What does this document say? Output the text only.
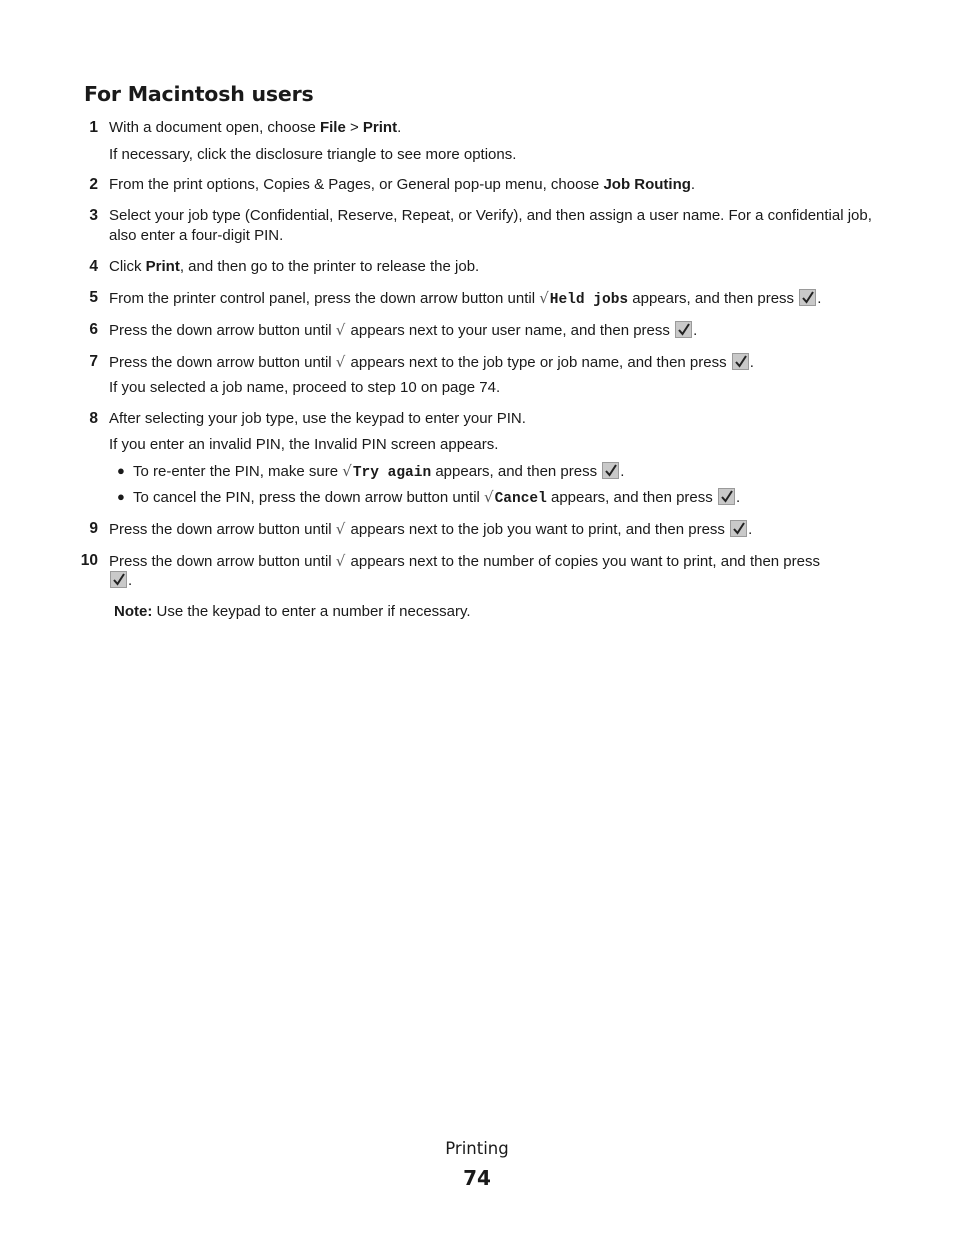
For Macintosh users
1 With a document open, choose File > Print.
If necessary, click the disclosure triangle to see more options.
2 From the print options, Copies & Pages, or General pop-up menu, choose Job Routing.
3 Select your job type (Confidential, Reserve, Repeat, or Verify), and then assign a user name. For a confidential job, also enter a four-digit PIN.
4 Click Print, and then go to the printer to release the job.
5 From the printer control panel, press the down arrow button until √Held jobs appears, and then press
.
6 Press the down arrow button until √ appears next to your user name, and then press
.
7 Press the down arrow button until √ appears next to the job type or job name, and then press
.
If you selected a job name, proceed to step 10 on page 74.
8 After selecting your job type, use the keypad to enter your PIN.
If you enter an invalid PIN, the Invalid PIN screen appears.
● To re-enter the PIN, make sure √Try again appears, and then press
.
● To cancel the PIN, press the down arrow button until √Cancel appears, and then press
.
9 Press the down arrow button until √ appears next to the job you want to print, and then press
.
10 Press the down arrow button until √ appears next to the number of copies you want to print, and then press
.
Note: Use the keypad to enter a number if necessary.
Printing
74
